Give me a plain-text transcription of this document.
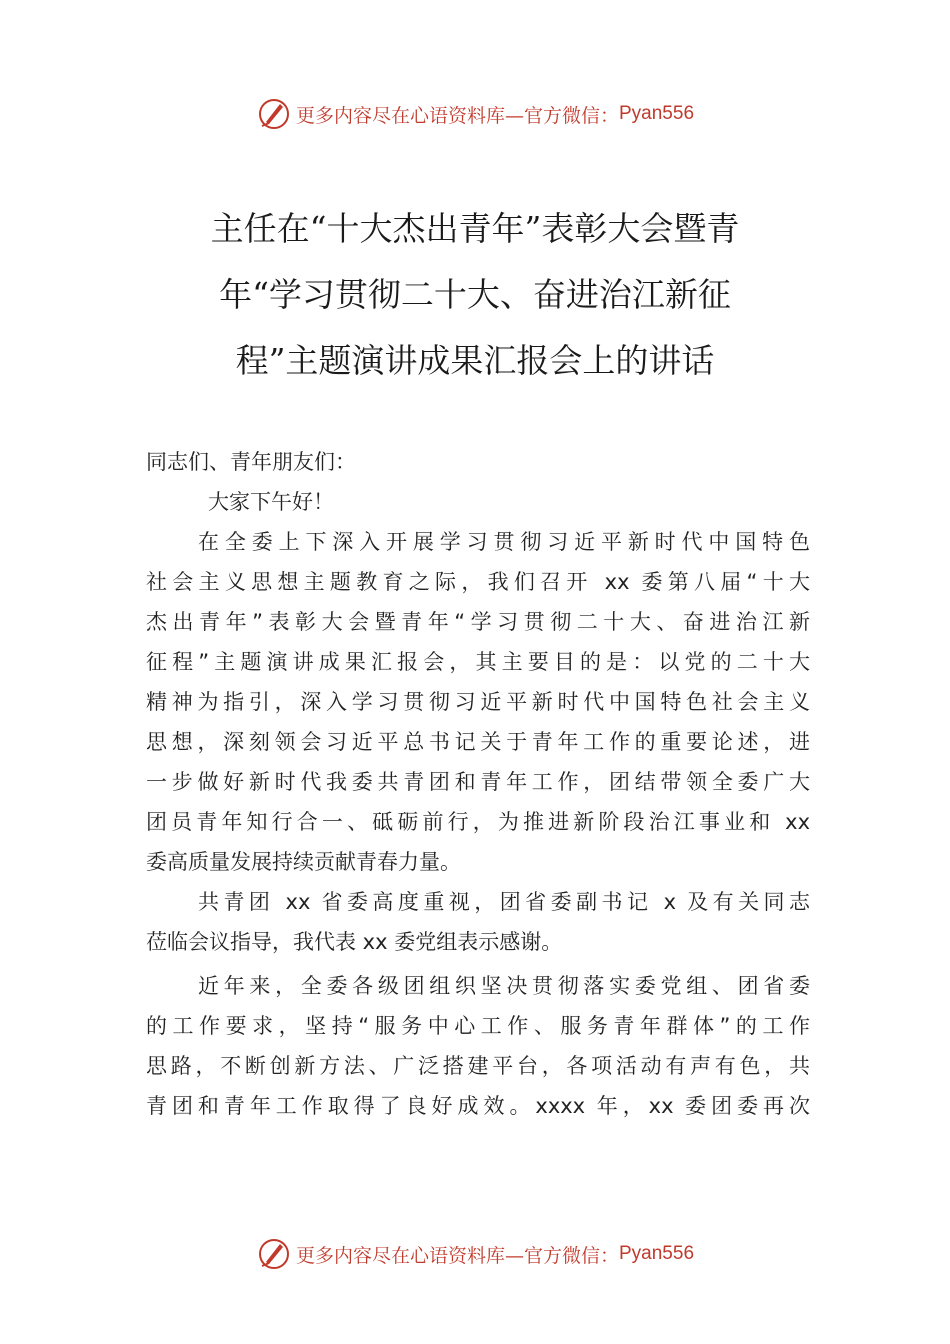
更多内容尽在心语资料库—官方微信： Pyan556
主任在“十大杰出青年”表彰大会暨青
年“学习贯彻二十大、奋进治江新征
程”主题演讲成果汇报会上的讲话
同志们、青年朋友们：
大家下午好！
在全委上下深入开展学习贯彻习近平新时代中国特色
社会主义思想主题教育之际，我们召开 xx 委第八届“十大
杰出青年”表彰大会暨青年“学习贯彻二十大、奋进治江新
征程”主题演讲成果汇报会，其主要目的是：以党的二十大
精神为指引，深入学习贯彻习近平新时代中国特色社会主义
思想，深刻领会习近平总书记关于青年工作的重要论述，进
一步做好新时代我委共青团和青年工作，团结带领全委广大
团员青年知行合一、砥砺前行，为推进新阶段治江事业和 xx
委高质量发展持续贡献青春力量。
共青团 xx 省委高度重视，团省委副书记 x 及有关同志
莅临会议指导，我代表 xx 委党组表示感谢。
近年来，全委各级团组织坚决贯彻落实委党组、团省委
的工作要求，坚持“服务中心工作、服务青年群体”的工作
思路，不断创新方法、广泛搭建平台，各项活动有声有色，共
青团和青年工作取得了良好成效。xxxx 年，xx 委团委再次
更多内容尽在心语资料库—官方微信： Pyan556
